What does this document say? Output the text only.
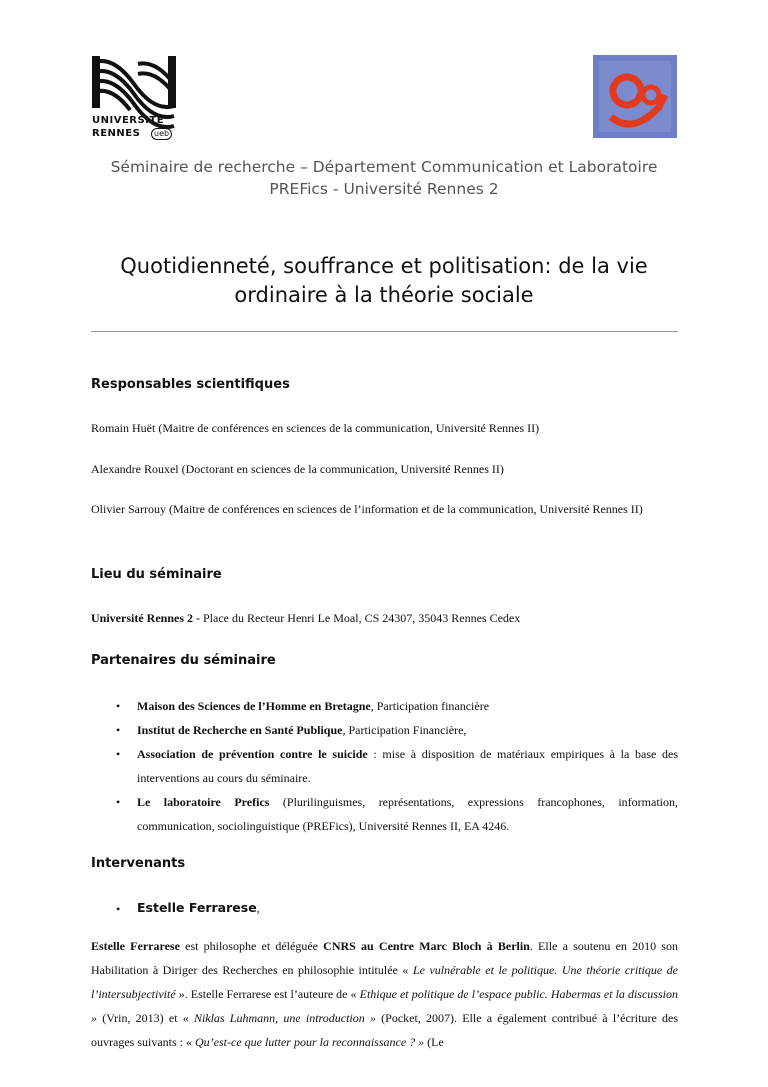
UNIVERSITÉ
RENNES	ueb
Séminaire de recherche – Département Communication et Laboratoire
PREFics - Université Rennes 2
Quotidienneté, souffrance et politisation: de la vie
ordinaire à la théorie sociale
Responsables scientifiques
Romain Huët (Maitre de conférences en sciences de la communication, Université Rennes II)
Alexandre Rouxel (Doctorant en sciences de la communication, Université Rennes II)
Olivier Sarrouy (Maitre de conférences en sciences de l’information et de la communication, Université Rennes II)
Lieu du séminaire
Université Rennes 2 - Place du Recteur Henri Le Moal, CS 24307, 35043 Rennes Cedex
Partenaires du séminaire
• Maison des Sciences de l’Homme en Bretagne, Participation financière
• Institut de Recherche en Santé Publique, Participation Financière,
• Association de prévention contre le suicide : mise à disposition de matériaux empiriques à la base des interventions au cours du séminaire.
• Le laboratoire Prefics (Plurilinguismes, représentations, expressions francophones, information, communication, sociolinguistique (PREFics), Université Rennes II, EA 4246.
Intervenants
• Estelle Ferrarese,
Estelle Ferrarese est philosophe et déléguée CNRS au Centre Marc Bloch à Berlin. Elle a soutenu en 2010 son Habilitation à Diriger des Recherches en philosophie intitulée « Le vulnérable et le politique. Une théorie critique de l’intersubjectivité ». Estelle Ferrarese est l’auteure de « Ethique et politique de l’espace public. Habermas et la discussion » (Vrin, 2013) et « Niklas Luhmann, une introduction » (Pocket, 2007). Elle a également contribué à l’écriture des ouvrages suivants : « Qu’est-ce que lutter pour la reconnaissance ? » (Le
